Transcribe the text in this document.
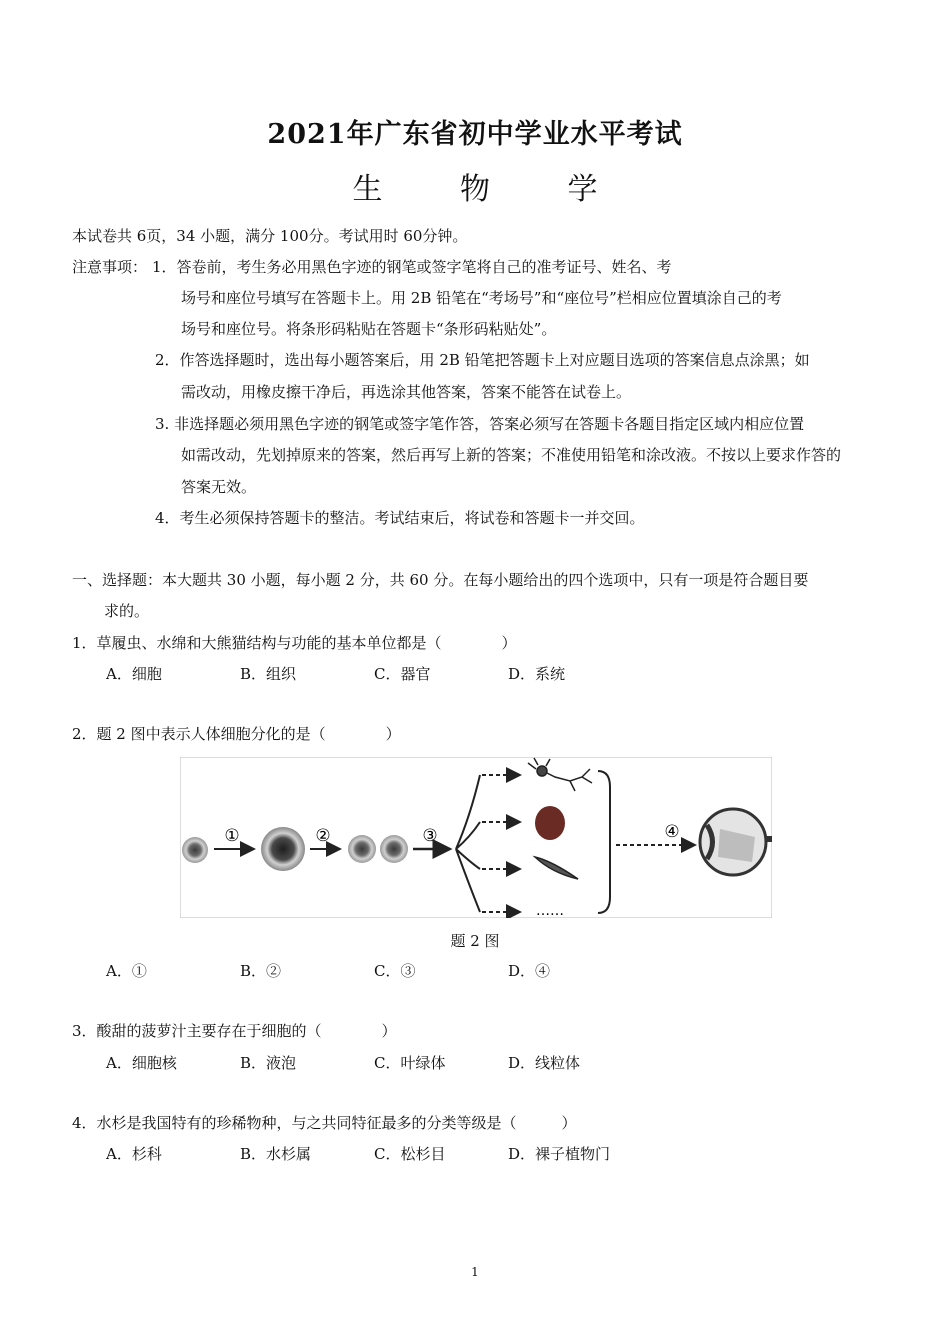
2021年广东省初中学业水平考试
生 物 学
本试卷共 6页，34 小题，满分 100分。考试用时 60分钟。
注意事项： 1．答卷前，考生务必用黑色字迹的钢笔或签字笔将自己的准考证号、姓名、考
场号和座位号填写在答题卡上。用 2B 铅笔在“考场号”和“座位号”栏相应位置填涂自己的考
场号和座位号。将条形码粘贴在答题卡“条形码粘贴处”。
2．作答选择题时，选出每小题答案后，用 2B 铅笔把答题卡上对应题目选项的答案信息点涂黑；如
需改动，用橡皮擦干净后，再选涂其他答案，答案不能答在试卷上。
3. 非选择题必须用黑色字迹的钢笔或签字笔作答，答案必须写在答题卡各题目指定区域内相应位置
如需改动，先划掉原来的答案，然后再写上新的答案；不准使用铅笔和涂改液。不按以上要求作答的
答案无效。
4．考生必须保持答题卡的整洁。考试结束后，将试卷和答题卡一并交回。
一、选择题：本大题共 30 小题，每小题 2 分，共 60 分。在每小题给出的四个选项中，只有一项是符合题目要
求的。
1．草履虫、水绵和大熊猫结构与功能的基本单位都是（　　　　）
A．细胞	B．组织	C．器官	D．系统
2．题 2 图中表示人体细胞分化的是（　　　　）
①	②	③
……
④
题 2 图
A．①	B．②	C．③	D．④
3．酸甜的菠萝汁主要存在于细胞的（　　　　）
A．细胞核	B．液泡	C．叶绿体	D．线粒体
4．水杉是我国特有的珍稀物种，与之共同特征最多的分类等级是（　　　）
A．杉科	B．水杉属	C．松杉目	D．裸子植物门
1
